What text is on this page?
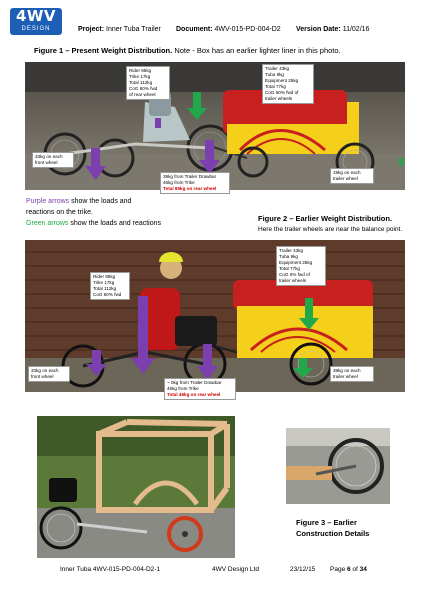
4WV
DESIGN	Project: Inner Tuba Trailer Document: 4WV-015-PD-004-D2 Version Date: 11/02/16
Figure 1 – Present Weight Distribution. Note - Box has an earlier lighter liner in this photo.
Rider 95kg
Trike 17kg
Total 112kg
CoG 60% fwd
of rear wheel
Trailer 43kg
Tuba 9kg
Equipment 25kg
Total 77kg
CoG 50% fwd of
trailer wheels
33kg on each
front wheel
39kg from Trailer Drawbar
46kg from Trike
Total 85kg on rear wheel
19kg on each
trailer wheel
Purple arrows show the loads and
reactions on the trike.
Green arrows show the loads and reactions
Figure 2 – Earlier Weight Distribution.
Here the trailer wheels are near the balance point.
Rider 95kg
Trike 17kg
Total 112kg
CoG 60% fwd
Trailer 43kg
Tuba 9kg
Equipment 25kg
Total 77kg
CoG 0% fwd of
trailer wheels
33kg on each
front wheel
~ 0kg from Trailer Drawbar
46kg from Trike
Total 46kg on rear wheel
38kg on each
trailer wheel
Figure 3 – Earlier
Construction Details
Inner Tuba 4WV-015-PD-004-D2-1	4WV Design Ltd	23/12/15 Page 6 of 34
